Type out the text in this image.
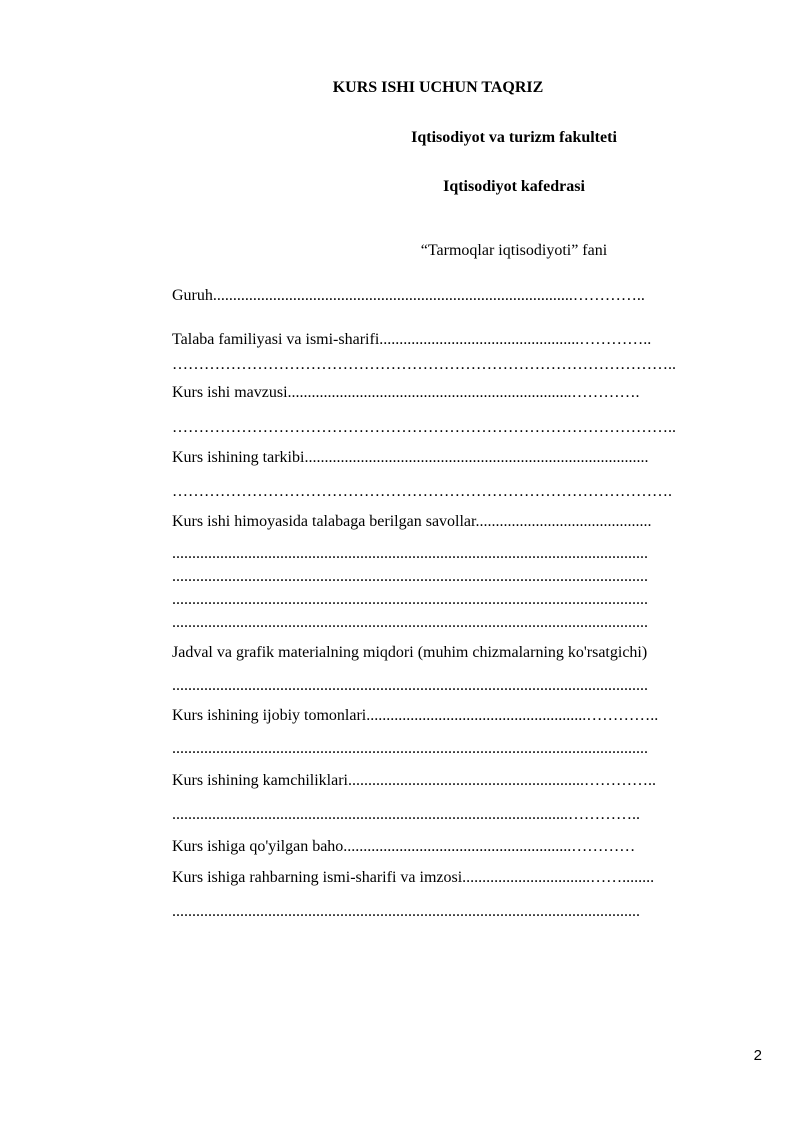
KURS ISHI UCHUN TAQRIZ
Iqtisodiyot va turizm fakulteti
Iqtisodiyot kafedrasi
“Tarmoqlar iqtisodiyoti” fani
Guruh..........................................................................................…………..
Talaba familiyasi va ismi-sharifi..................................................…………..
…………………………………………………………………………………..
Kurs ishi mavzusi.......................................................................………….
…………………………………………………………………………………..
Kurs ishining tarkibi......................................................................................
………………………………………………………………………………….
Kurs ishi himoyasida talabaga berilgan savollar............................................
.......................................................................................................................
.......................................................................................................................
.......................................................................................................................
.......................................................................................................................
Jadval va grafik materialning miqdori (muhim chizmalarning ko'rsatgichi)
.......................................................................................................................
Kurs ishining ijobiy tomonlari.......................................................…………..
.......................................................................................................................
Kurs ishining kamchiliklari...........................................................…………..
...................................................................................................…………..
Kurs ishiga qo'yilgan baho.........................................................…………
Kurs ishiga rahbarning ismi-sharifi va imzosi................................……........
.....................................................................................................................
2
